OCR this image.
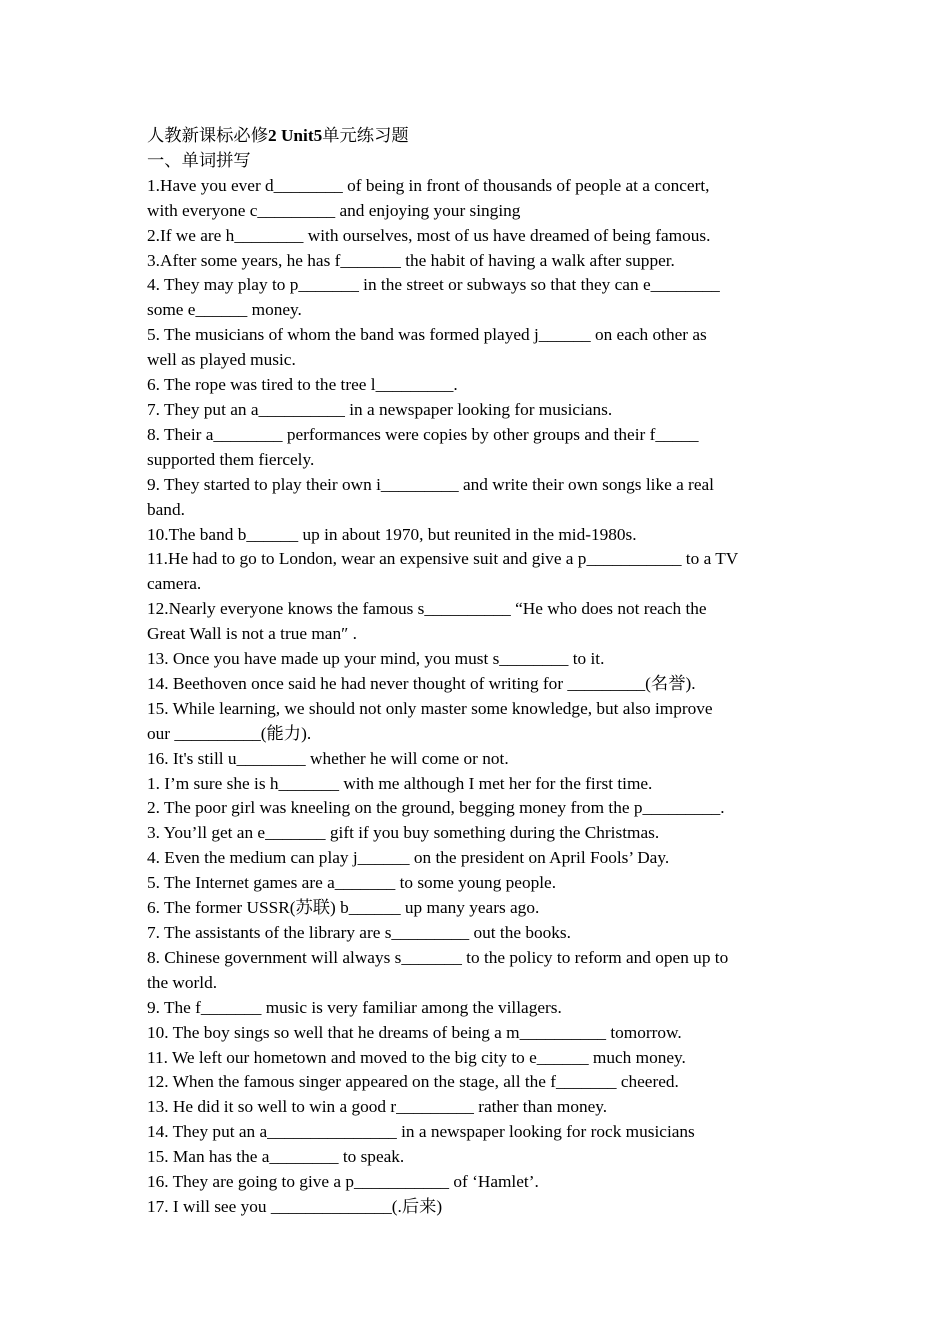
人教新课标必修2 Unit5单元练习题
一、单词拼写
1.Have you ever d________ of being in front of thousands of people at a concert,
with everyone c_________ and enjoying your singing
2.If we are h________ with ourselves, most of us have dreamed of being famous.
3.After some years, he has f_______ the habit of having a walk after supper.
4. They may play to p_______ in the street or subways so that they can e________
some e______ money.
5. The musicians of whom the band was formed played j______ on each other as
well as played music.
6. The rope was tired to the tree l_________.
7. They put an a__________ in a newspaper looking for musicians.
8. Their a________ performances were copies by other groups and their f_____
supported them fiercely.
9. They started to play their own i_________ and write their own songs like a real
band.
10.The band b______ up in about 1970, but reunited in the mid-1980s.
11.He had to go to London, wear an expensive suit and give a p___________ to a TV
camera.
12.Nearly everyone knows the famous s__________ “He who does not reach the
Great Wall is not a true man″ .
13. Once you have made up your mind, you must s________ to it.
14. Beethoven once said he had never thought of writing for _________(名誉).
15. While learning, we should not only master some knowledge, but also improve
our __________(能力).
16. It's still u________ whether he will come or not.
1. I’m sure she is h_______ with me although I met her for the first time.
2. The poor girl was kneeling on the ground, begging money from the p_________.
3. You’ll get an e_______ gift if you buy something during the Christmas.
4. Even the medium can play j______ on the president on April Fools’ Day.
5. The Internet games are a_______ to some young people.
6. The former USSR(苏联) b______ up many years ago.
7. The assistants of the library are s_________ out the books.
8. Chinese government will always s_______ to the policy to reform and open up to
the world.
9. The f_______ music is very familiar among the villagers.
10. The boy sings so well that he dreams of being a m__________ tomorrow.
11. We left our hometown and moved to the big city to e______ much money.
12. When the famous singer appeared on the stage, all the f_______ cheered.
13. He did it so well to win a good r_________ rather than money.
14. They put an a_______________ in a newspaper looking for rock musicians
15. Man has the a________ to speak.
16. They are going to give a p___________ of ‘Hamlet’.
17. I will see you ______________(.后来)
